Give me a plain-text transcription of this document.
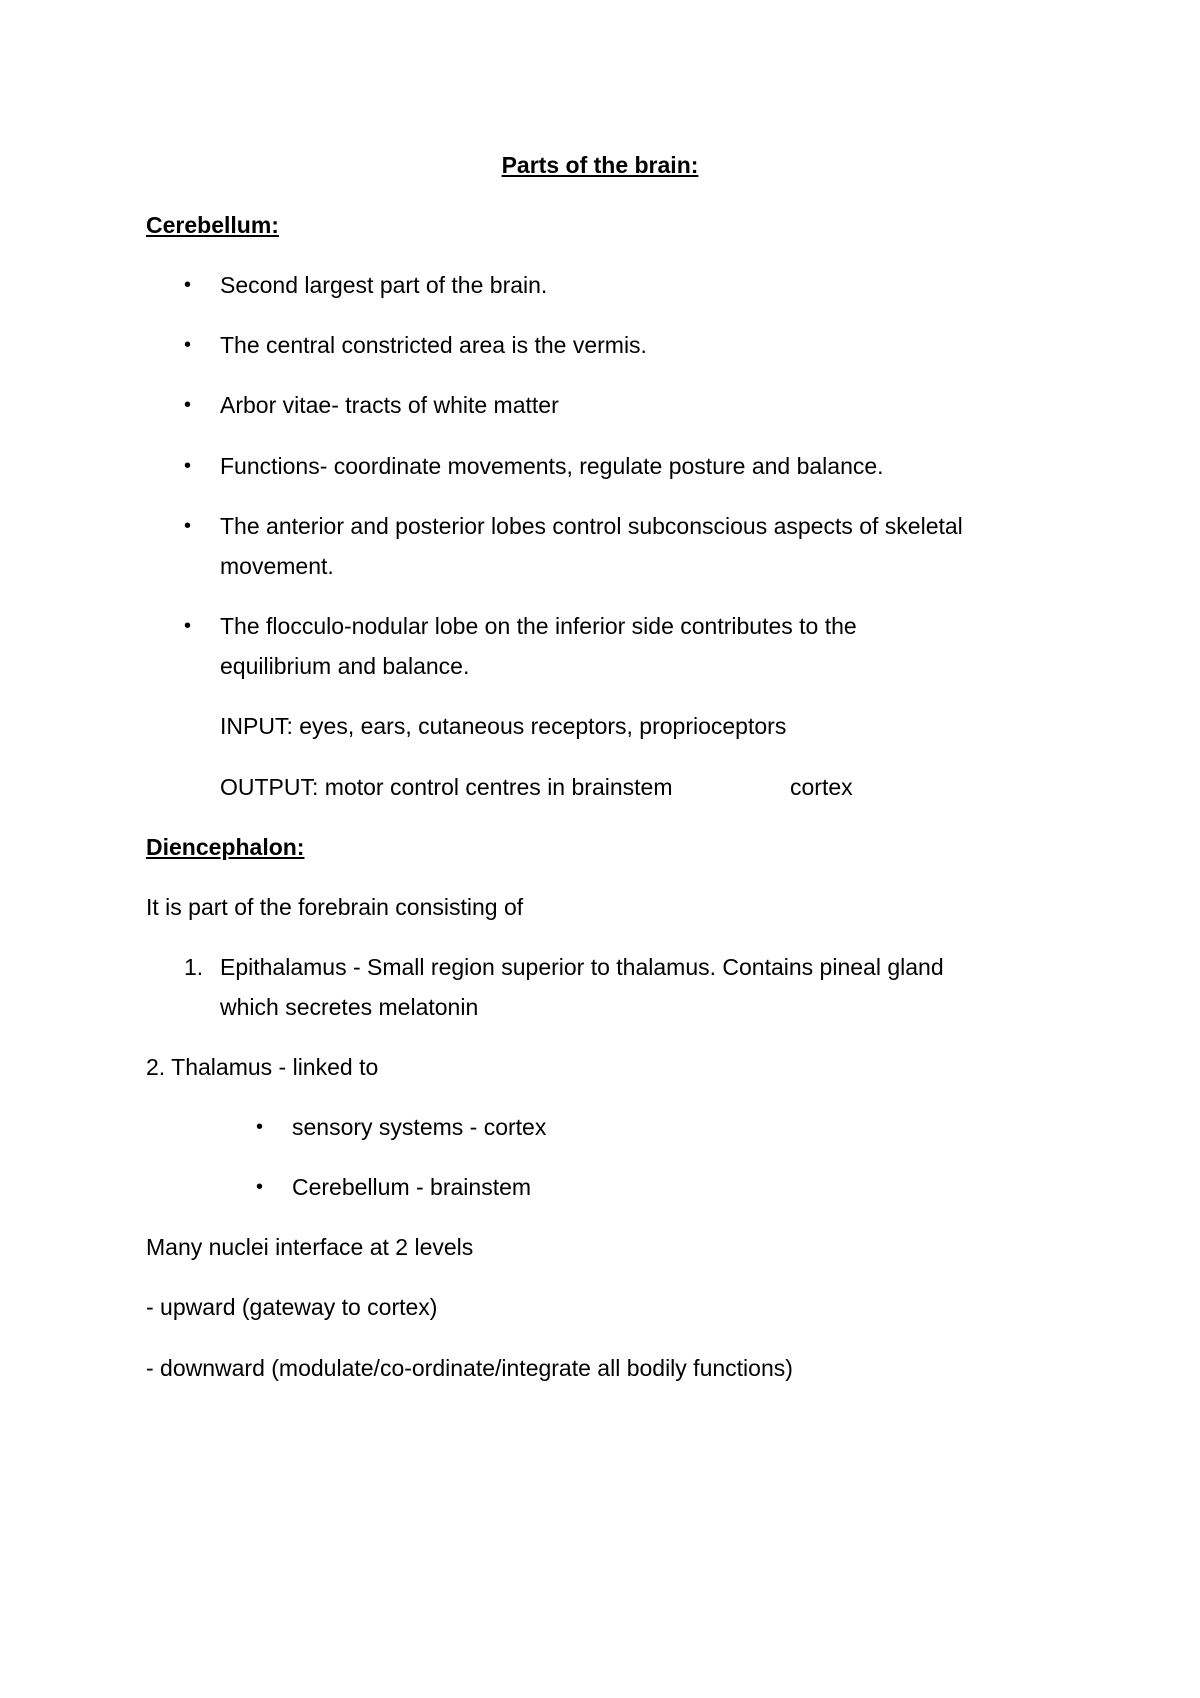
Parts of the brain:
Cerebellum:
• Second largest part of the brain.
• The central constricted area is the vermis.
• Arbor vitae- tracts of white matter
• Functions- coordinate movements, regulate posture and balance.
• The anterior and posterior lobes control subconscious aspects of skeletal
movement.
• The flocculo-nodular lobe on the inferior side contributes to the
equilibrium and balance.
INPUT: eyes, ears, cutaneous receptors, proprioceptors
OUTPUT: motor control centres in brainstem	cortex
Diencephalon:
It is part of the forebrain consisting of
1. Epithalamus - Small region superior to thalamus. Contains pineal gland
which secretes melatonin
2. Thalamus - linked to
• sensory systems - cortex
• Cerebellum - brainstem
Many nuclei interface at 2 levels
- upward (gateway to cortex)
- downward (modulate/co-ordinate/integrate all bodily functions)
